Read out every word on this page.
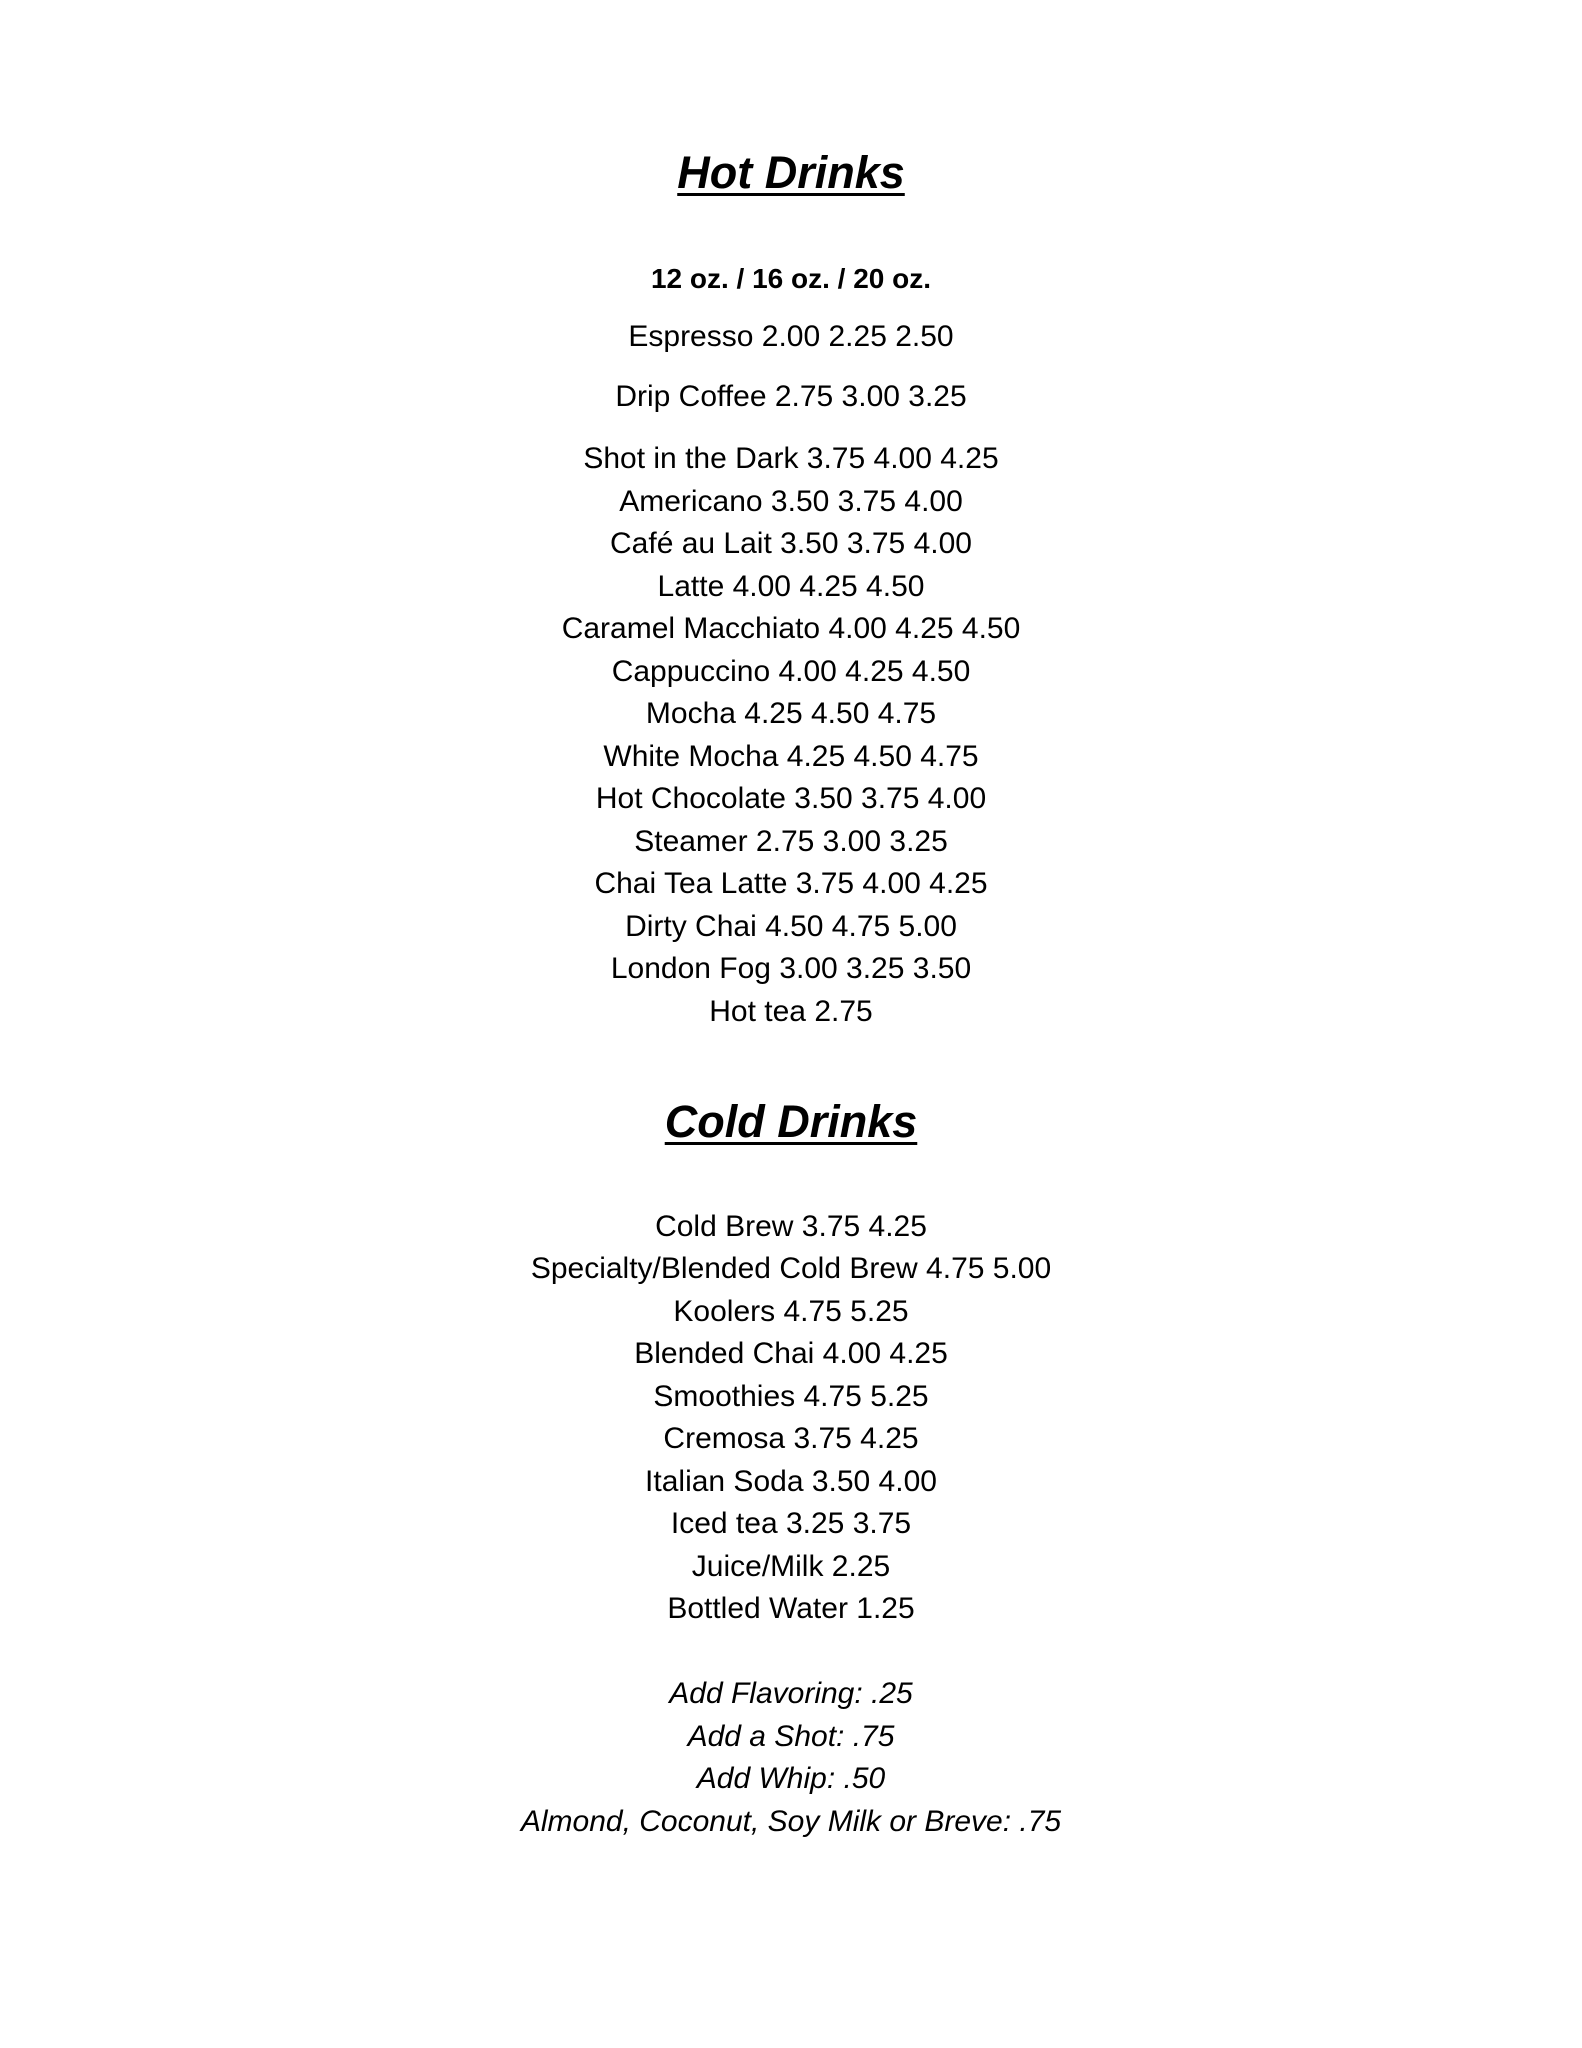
Hot Drinks
12 oz. / 16 oz. / 20 oz.
Espresso 2.00 2.25 2.50
Drip Coffee 2.75 3.00 3.25
Shot in the Dark 3.75 4.00 4.25
Americano 3.50 3.75 4.00
Café au Lait 3.50 3.75 4.00
Latte 4.00 4.25 4.50
Caramel Macchiato 4.00 4.25 4.50
Cappuccino 4.00 4.25 4.50
Mocha 4.25 4.50 4.75
White Mocha 4.25 4.50 4.75
Hot Chocolate 3.50 3.75 4.00
Steamer 2.75 3.00 3.25
Chai Tea Latte 3.75 4.00 4.25
Dirty Chai 4.50 4.75 5.00
London Fog 3.00 3.25 3.50
Hot tea 2.75
Cold Drinks
Cold Brew 3.75 4.25
Specialty/Blended Cold Brew 4.75 5.00
Koolers 4.75 5.25
Blended Chai 4.00 4.25
Smoothies 4.75 5.25
Cremosa 3.75 4.25
Italian Soda 3.50 4.00
Iced tea 3.25 3.75
Juice/Milk 2.25
Bottled Water 1.25
Add Flavoring: .25
Add a Shot: .75
Add Whip: .50
Almond, Coconut, Soy Milk or Breve: .75
